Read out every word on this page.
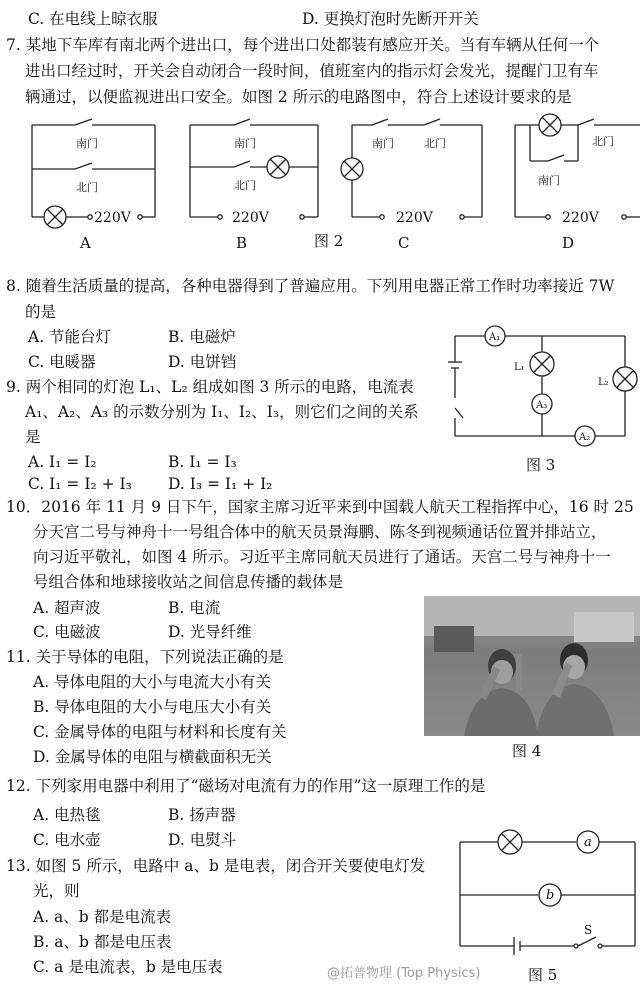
C. 在电线上晾衣服	D. 更换灯泡时先断开开关
7. 某地下车库有南北两个进出口，每个进出口处都装有感应开关。当有车辆从任何一个
进出口经过时，开关会自动闭合一段时间，值班室内的指示灯会发光，提醒门卫有车
辆通过，以便监视进出口安全。如图 2 所示的电路图中，符合上述设计要求的是
南门
北门
南门
北门
南门	北门	北门
南门
220V	220V	220V	220V
A	B	图 2	C	D
8. 随着生活质量的提高，各种电器得到了普遍应用。下列用电器正常工作时功率接近 7W
的是
A. 节能台灯	B. 电磁炉
C. 电暖器	D. 电饼铛
A₁
A₃
A₂
L₁
L₂
图 3
9. 两个相同的灯泡 L₁、L₂ 组成如图 3 所示的电路，电流表
A₁、A₂、A₃ 的示数分别为 I₁、I₂、I₃，则它们之间的关系
是
A. I₁ = I₂	B. I₁ = I₃
C. I₁ = I₂ + I₃ D. I₃ = I₁ + I₂
10．2016 年 11 月 9 日下午，国家主席习近平来到中国载人航天工程指挥中心，16 时 25
分天宫二号与神舟十一号组合体中的航天员景海鹏、陈冬到视频通话位置并排站立，
向习近平敬礼，如图 4 所示。习近平主席同航天员进行了通话。天宫二号与神舟十一
号组合体和地球接收站之间信息传播的载体是
A. 超声波	B. 电流
C. 电磁波	D. 光导纤维
图 4
11. 关于导体的电阻，下列说法正确的是
A. 导体电阻的大小与电流大小有关
B. 导体电阻的大小与电压大小有关
C. 金属导体的电阻与材料和长度有关
D. 金属导体的电阻与横截面积无关
12. 下列家用电器中利用了“磁场对电流有力的作用”这一原理工作的是
A. 电热毯	B. 扬声器
C. 电水壶	D. 电熨斗
13. 如图 5 所示，电路中 a、b 是电表，闭合开关要使电灯发
光，则
A. a、b 都是电流表
B. a、b 都是电压表
C. a 是电流表，b 是电压表
a
b
S
图 5
@拓普物理 (Top Physics)
